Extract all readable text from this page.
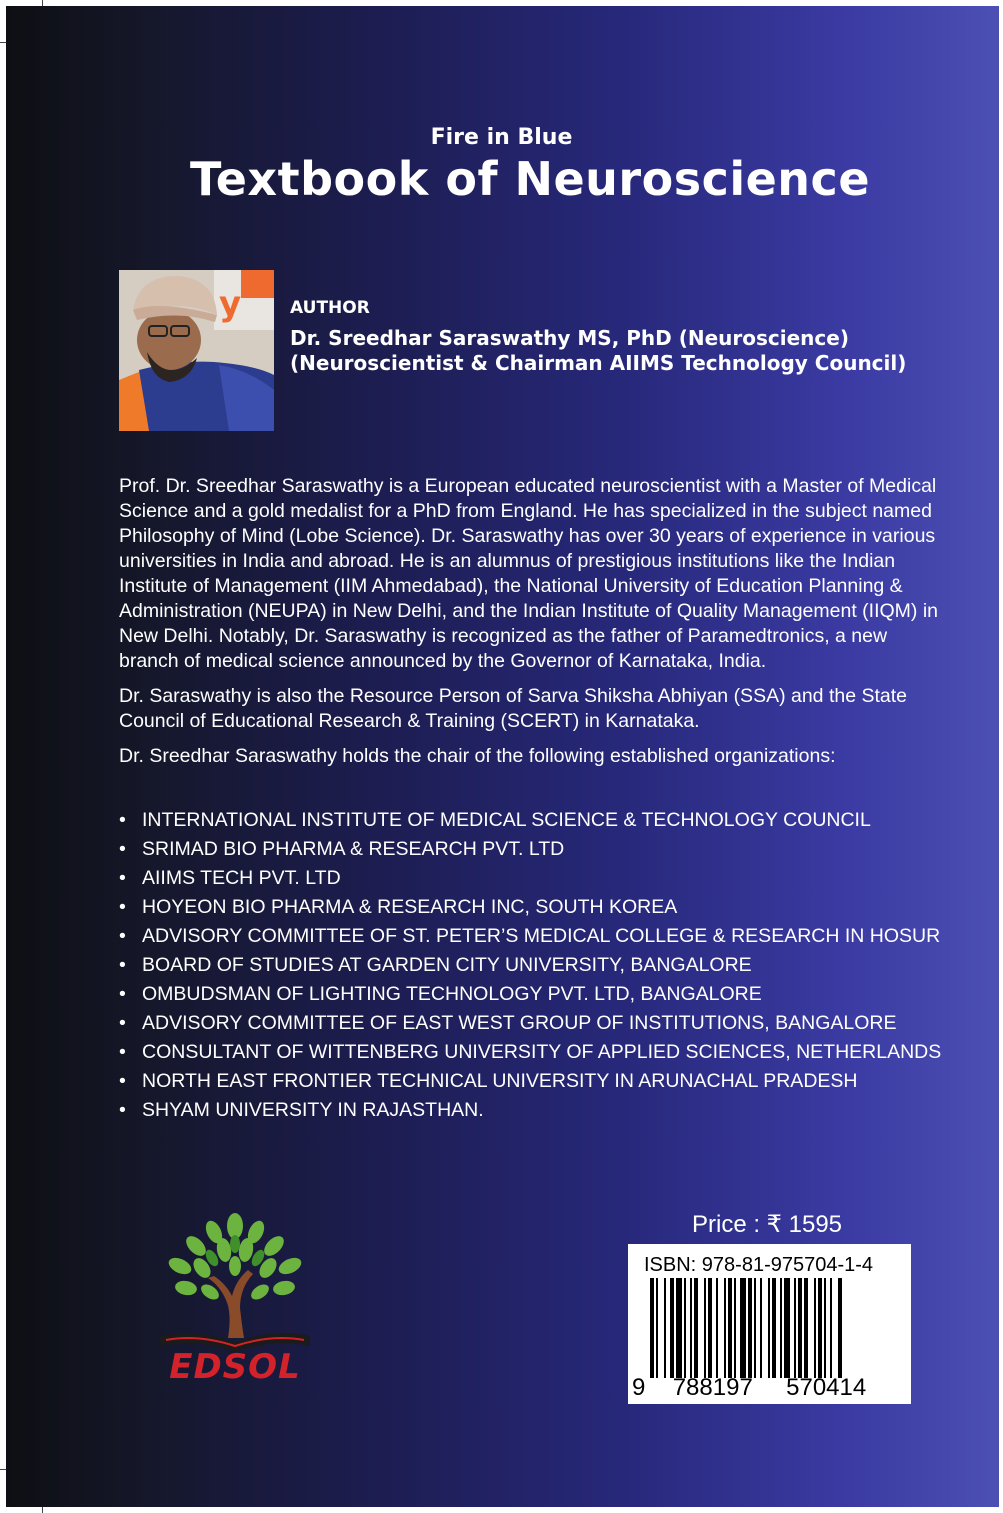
Fire in Blue
Textbook of Neuroscience
y	AUTHOR
Dr. Sreedhar Saraswathy MS, PhD (Neuroscience)
(Neuroscientist & Chairman AIIMS Technology Council)

Prof. Dr. Sreedhar Saraswathy is a European educated neuroscientist with a Master of Medical Science and a gold medalist for a PhD from England. He has specialized in the subject named Philosophy of Mind (Lobe Science). Dr. Saraswathy has over 30 years of experience in various universities in India and abroad. He is an alumnus of prestigious institutions like the Indian Institute of Management (IIM Ahmedabad), the National University of Education Planning & Administration (NEUPA) in New Delhi, and the Indian Institute of Quality Management (IIQM) in New Delhi. Notably, Dr. Saraswathy is recognized as the father of Paramedtronics, a new branch of medical science announced by the Governor of Karnataka, India.

Dr. Saraswathy is also the Resource Person of Sarva Shiksha Abhiyan (SSA) and the State Council of Educational Research & Training (SCERT) in Karnataka.

Dr. Sreedhar Saraswathy holds the chair of the following established organizations:

• INTERNATIONAL INSTITUTE OF MEDICAL SCIENCE & TECHNOLOGY COUNCIL
• SRIMAD BIO PHARMA & RESEARCH PVT. LTD
• AIIMS TECH PVT. LTD
• HOYEON BIO PHARMA & RESEARCH INC, SOUTH KOREA
• ADVISORY COMMITTEE OF ST. PETER’S MEDICAL COLLEGE & RESEARCH IN HOSUR
• BOARD OF STUDIES AT GARDEN CITY UNIVERSITY, BANGALORE
• OMBUDSMAN OF LIGHTING TECHNOLOGY PVT. LTD, BANGALORE
• ADVISORY COMMITTEE OF EAST WEST GROUP OF INSTITUTIONS, BANGALORE
• CONSULTANT OF WITTENBERG UNIVERSITY OF APPLIED SCIENCES, NETHERLANDS
• NORTH EAST FRONTIER TECHNICAL UNIVERSITY IN ARUNACHAL PRADESH
• SHYAM UNIVERSITY IN RAJASTHAN.
EDSOL
Price : ₹ 1595
ISBN: 978-81-975704-1-4
9 788197 570414
